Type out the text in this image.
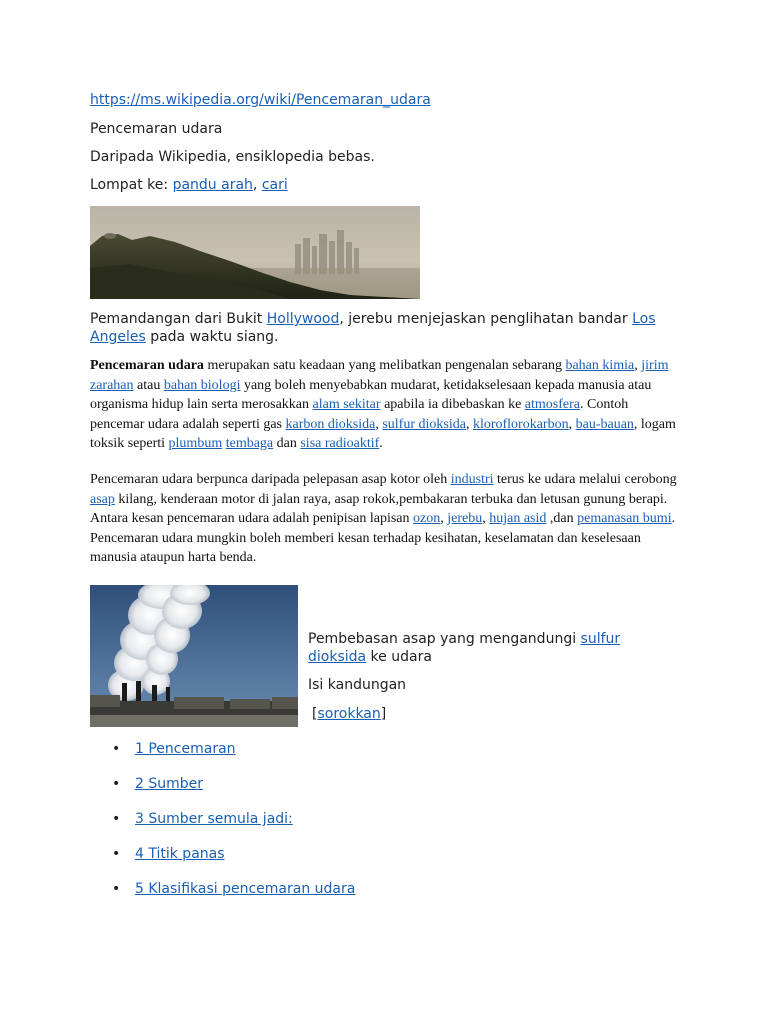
https://ms.wikipedia.org/wiki/Pencemaran_udara
Pencemaran udara
Daripada Wikipedia, ensiklopedia bebas.
Lompat ke: pandu arah, cari
Pemandangan dari Bukit Hollywood, jerebu menjejaskan penglihatan bandar Los Angeles pada waktu siang.
Pencemaran udara merupakan satu keadaan yang melibatkan pengenalan sebarang bahan kimia, jirim zarahan atau bahan biologi yang boleh menyebabkan mudarat, ketidakselesaan kepada manusia atau organisma hidup lain serta merosakkan alam sekitar apabila ia dibebaskan ke atmosfera. Contoh pencemar udara adalah seperti gas karbon dioksida, sulfur dioksida, kloroflorokarbon, bau-bauan, logam toksik seperti plumbum tembaga dan sisa radioaktif.
Pencemaran udara berpunca daripada pelepasan asap kotor oleh industri terus ke udara melalui cerobong asap kilang, kenderaan motor di jalan raya, asap rokok,pembakaran terbuka dan letusan gunung berapi. Antara kesan pencemaran udara adalah penipisan lapisan ozon, jerebu, hujan asid ,dan pemanasan bumi. Pencemaran udara mungkin boleh memberi kesan terhadap kesihatan, keselamatan dan keselesaan manusia ataupun harta benda.
Pembebasan asap yang mengandungi sulfur dioksida ke udara
Isi kandungan
[sorokkan]
• 1 Pencemaran
• 2 Sumber
• 3 Sumber semula jadi:
• 4 Titik panas
• 5 Klasifikasi pencemaran udara
